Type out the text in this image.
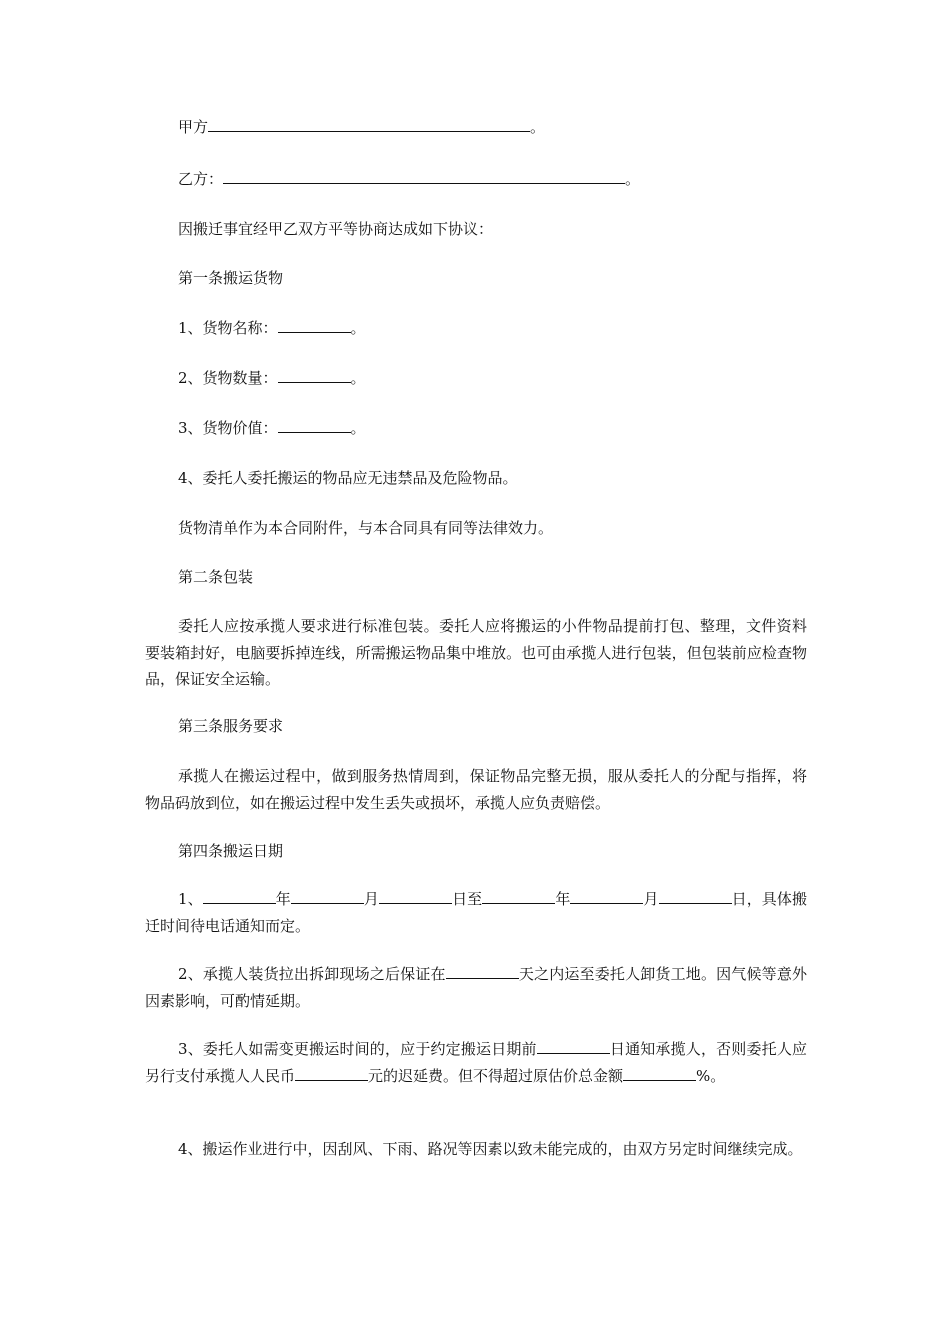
甲方	。
乙方：	。
因搬迁事宜经甲乙双方平等协商达成如下协议：
第一条搬运货物
1、货物名称：	。
2、货物数量：	。
3、货物价值：	。
4、委托人委托搬运的物品应无违禁品及危险物品。
货物清单作为本合同附件，与本合同具有同等法律效力。
第二条包装

委托人应按承揽人要求进行标准包装。委托人应将搬运的小件物品提前打包、整理，文件资料要装箱封好，电脑要拆掉连线，所需搬运物品集中堆放。也可由承揽人进行包装，但包装前应检查物品，保证安全运输。

第三条服务要求

承揽人在搬运过程中，做到服务热情周到，保证物品完整无损，服从委托人的分配与指挥，将物品码放到位，如在搬运过程中发生丢失或损坏，承揽人应负责赔偿。

第四条搬运日期

1、	年	月	日至	年	月	日，具体搬迁时间待电话通知而定。

2、承揽人装货拉出拆卸现场之后保证在	天之内运至委托人卸货工地。因气候等意外因素影响，可酌情延期。

3、委托人如需变更搬运时间的，应于约定搬运日期前	日通知承揽人，否则委托人应另行支付承揽人人民币	元的迟延费。但不得超过原估价总金额	%。

4、搬运作业进行中，因刮风、下雨、路况等因素以致未能完成的，由双方另定时间继续完成。
